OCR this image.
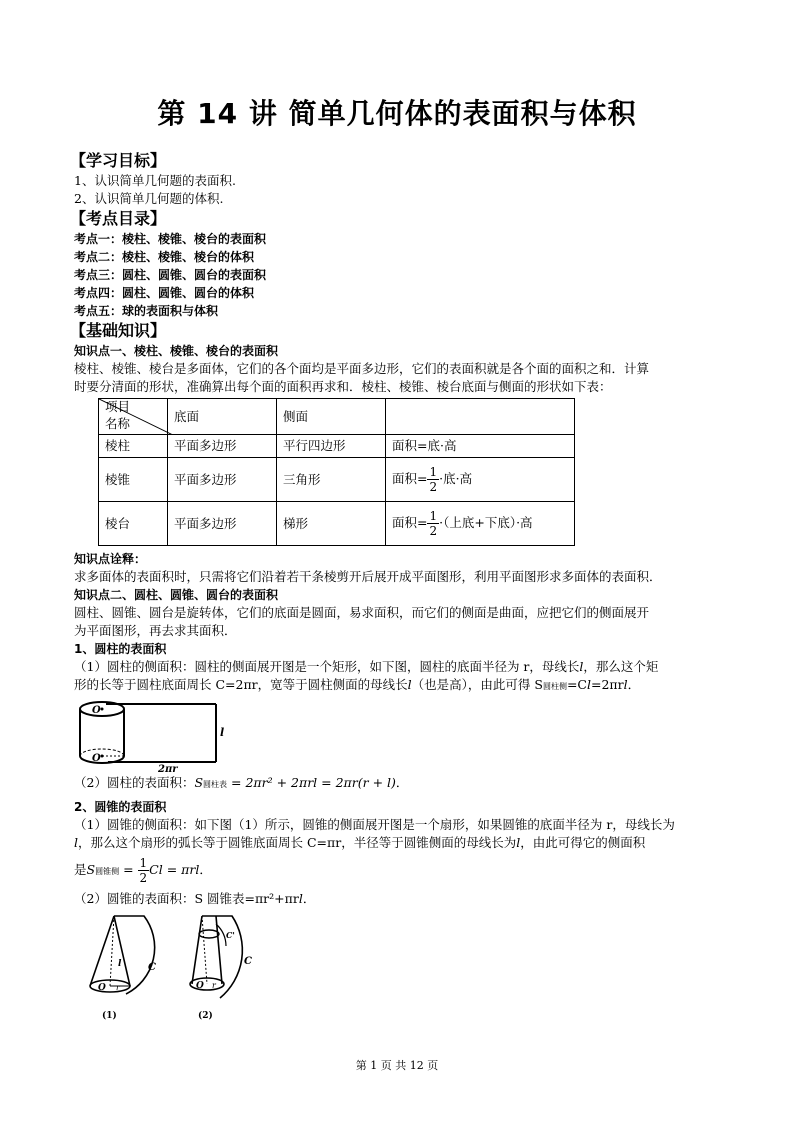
第 14 讲 简单几何体的表面积与体积
【学习目标】
1、认识简单几何题的表面积.
2、认识简单几何题的体积.
【考点目录】
考点一：棱柱、棱锥、棱台的表面积
考点二：棱柱、棱锥、棱台的体积
考点三：圆柱、圆锥、圆台的表面积
考点四：圆柱、圆锥、圆台的体积
考点五：球的表面积与体积
【基础知识】
知识点一、棱柱、棱锥、棱台的表面积
棱柱、棱锥、棱台是多面体，它们的各个面均是平面多边形，它们的表面积就是各个面的面积之和．计算
时要分清面的形状，准确算出每个面的面积再求和．棱柱、棱锥、棱台底面与侧面的形状如下表：
项目
名称	底面	侧面	
棱柱	平面多边形	平行四边形	面积=底·高
棱锥	平面多边形	三角形	面积= $\frac{1}{2}$ ·底·高
棱台	平面多边形	梯形	面积= $\frac{1}{2}$ ·（上底+下底）·高
知识点诠释：
求多面体的表面积时，只需将它们沿着若干条棱剪开后展开成平面图形，利用平面图形求多面体的表面积．
知识点二、圆柱、圆锥、圆台的表面积
圆柱、圆锥、圆台是旋转体，它们的底面是圆面，易求面积，而它们的侧面是曲面，应把它们的侧面展开
为平面图形，再去求其面积．
1、圆柱的表面积
（1）圆柱的侧面积：圆柱的侧面展开图是一个矩形，如下图，圆柱的底面半径为 r，母线长l，那么这个矩
形的长等于圆柱底面周长 C=2πr，宽等于圆柱侧面的母线长l（也是高），由此可得 S圆柱侧=Cl=2πrl．
O
O
l
2πr
（2）圆柱的表面积：S圆柱表 = 2πr² + 2πrl = 2πr(r + l)．
2、圆锥的表面积
（1）圆锥的侧面积：如下图（1）所示，圆锥的侧面展开图是一个扇形，如果圆锥的底面半径为 r，母线长为
l，那么这个扇形的弧长等于圆锥底面周长 C=πr，半径等于圆锥侧面的母线长为l，由此可得它的侧面积
是S圆锥侧 = $\frac{1}{2}$ Cl = πrl．
（2）圆锥的表面积：S 圆锥表=πr²+πrl．
l	C
O r
(1)
C'
C
O r
(2)
第 1 页 共 12 页
